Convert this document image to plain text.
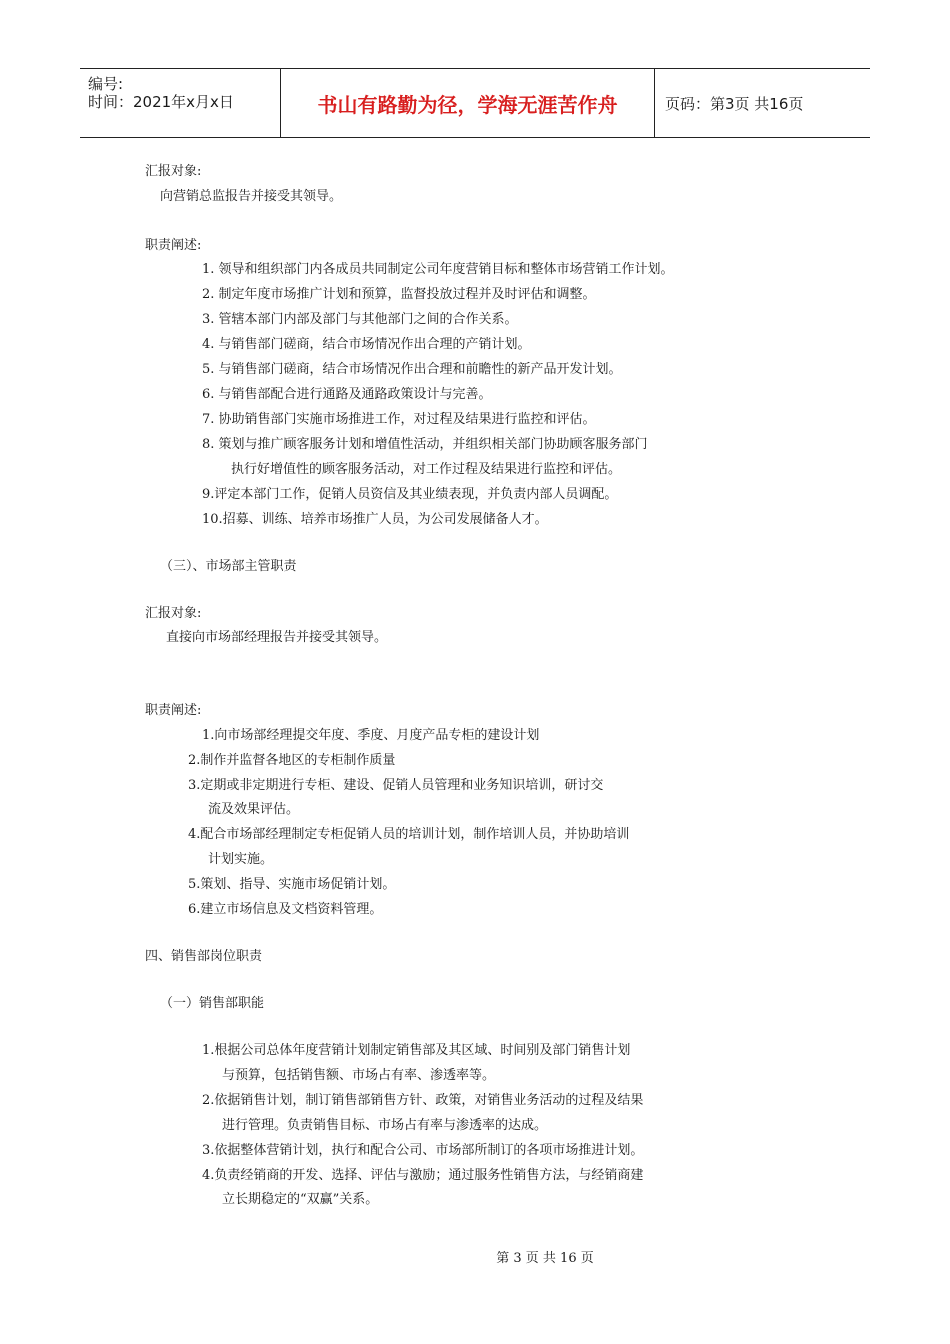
编号:
时间：2021年x月x日	书山有路勤为径，学海无涯苦作舟	页码：第3页 共16页
汇报对象:
向营销总监报告并接受其领导。
职责阐述:
1. 领导和组织部门内各成员共同制定公司年度营销目标和整体市场营销工作计划。
2. 制定年度市场推广计划和预算，监督投放过程并及时评估和调整。
3. 管辖本部门内部及部门与其他部门之间的合作关系。
4. 与销售部门磋商，结合市场情况作出合理的产销计划。
5. 与销售部门磋商，结合市场情况作出合理和前瞻性的新产品开发计划。
6. 与销售部配合进行通路及通路政策设计与完善。
7. 协助销售部门实施市场推进工作，对过程及结果进行监控和评估。
8. 策划与推广顾客服务计划和增值性活动，并组织相关部门协助顾客服务部门
执行好增值性的顾客服务活动，对工作过程及结果进行监控和评估。
9.评定本部门工作，促销人员资信及其业绩表现，并负责内部人员调配。
10.招募、训练、培养市场推广人员，为公司发展储备人才。
（三）、市场部主管职责
汇报对象:
直接向市场部经理报告并接受其领导。
职责阐述:
1.向市场部经理提交年度、季度、月度产品专柜的建设计划
2.制作并监督各地区的专柜制作质量
3.定期或非定期进行专柜、建设、促销人员管理和业务知识培训，研讨交
流及效果评估。
4.配合市场部经理制定专柜促销人员的培训计划，制作培训人员，并协助培训
计划实施。
5.策划、指导、实施市场促销计划。
6.建立市场信息及文档资料管理。
四、销售部岗位职责
（一）销售部职能
1.根据公司总体年度营销计划制定销售部及其区域、时间别及部门销售计划
与预算，包括销售额、市场占有率、渗透率等。
2.依据销售计划，制订销售部销售方针、政策，对销售业务活动的过程及结果
进行管理。负责销售目标、市场占有率与渗透率的达成。
3.依据整体营销计划，执行和配合公司、市场部所制订的各项市场推进计划。
4.负责经销商的开发、选择、评估与激励；通过服务性销售方法，与经销商建
立长期稳定的“双赢”关系。
第 3 页 共 16 页
